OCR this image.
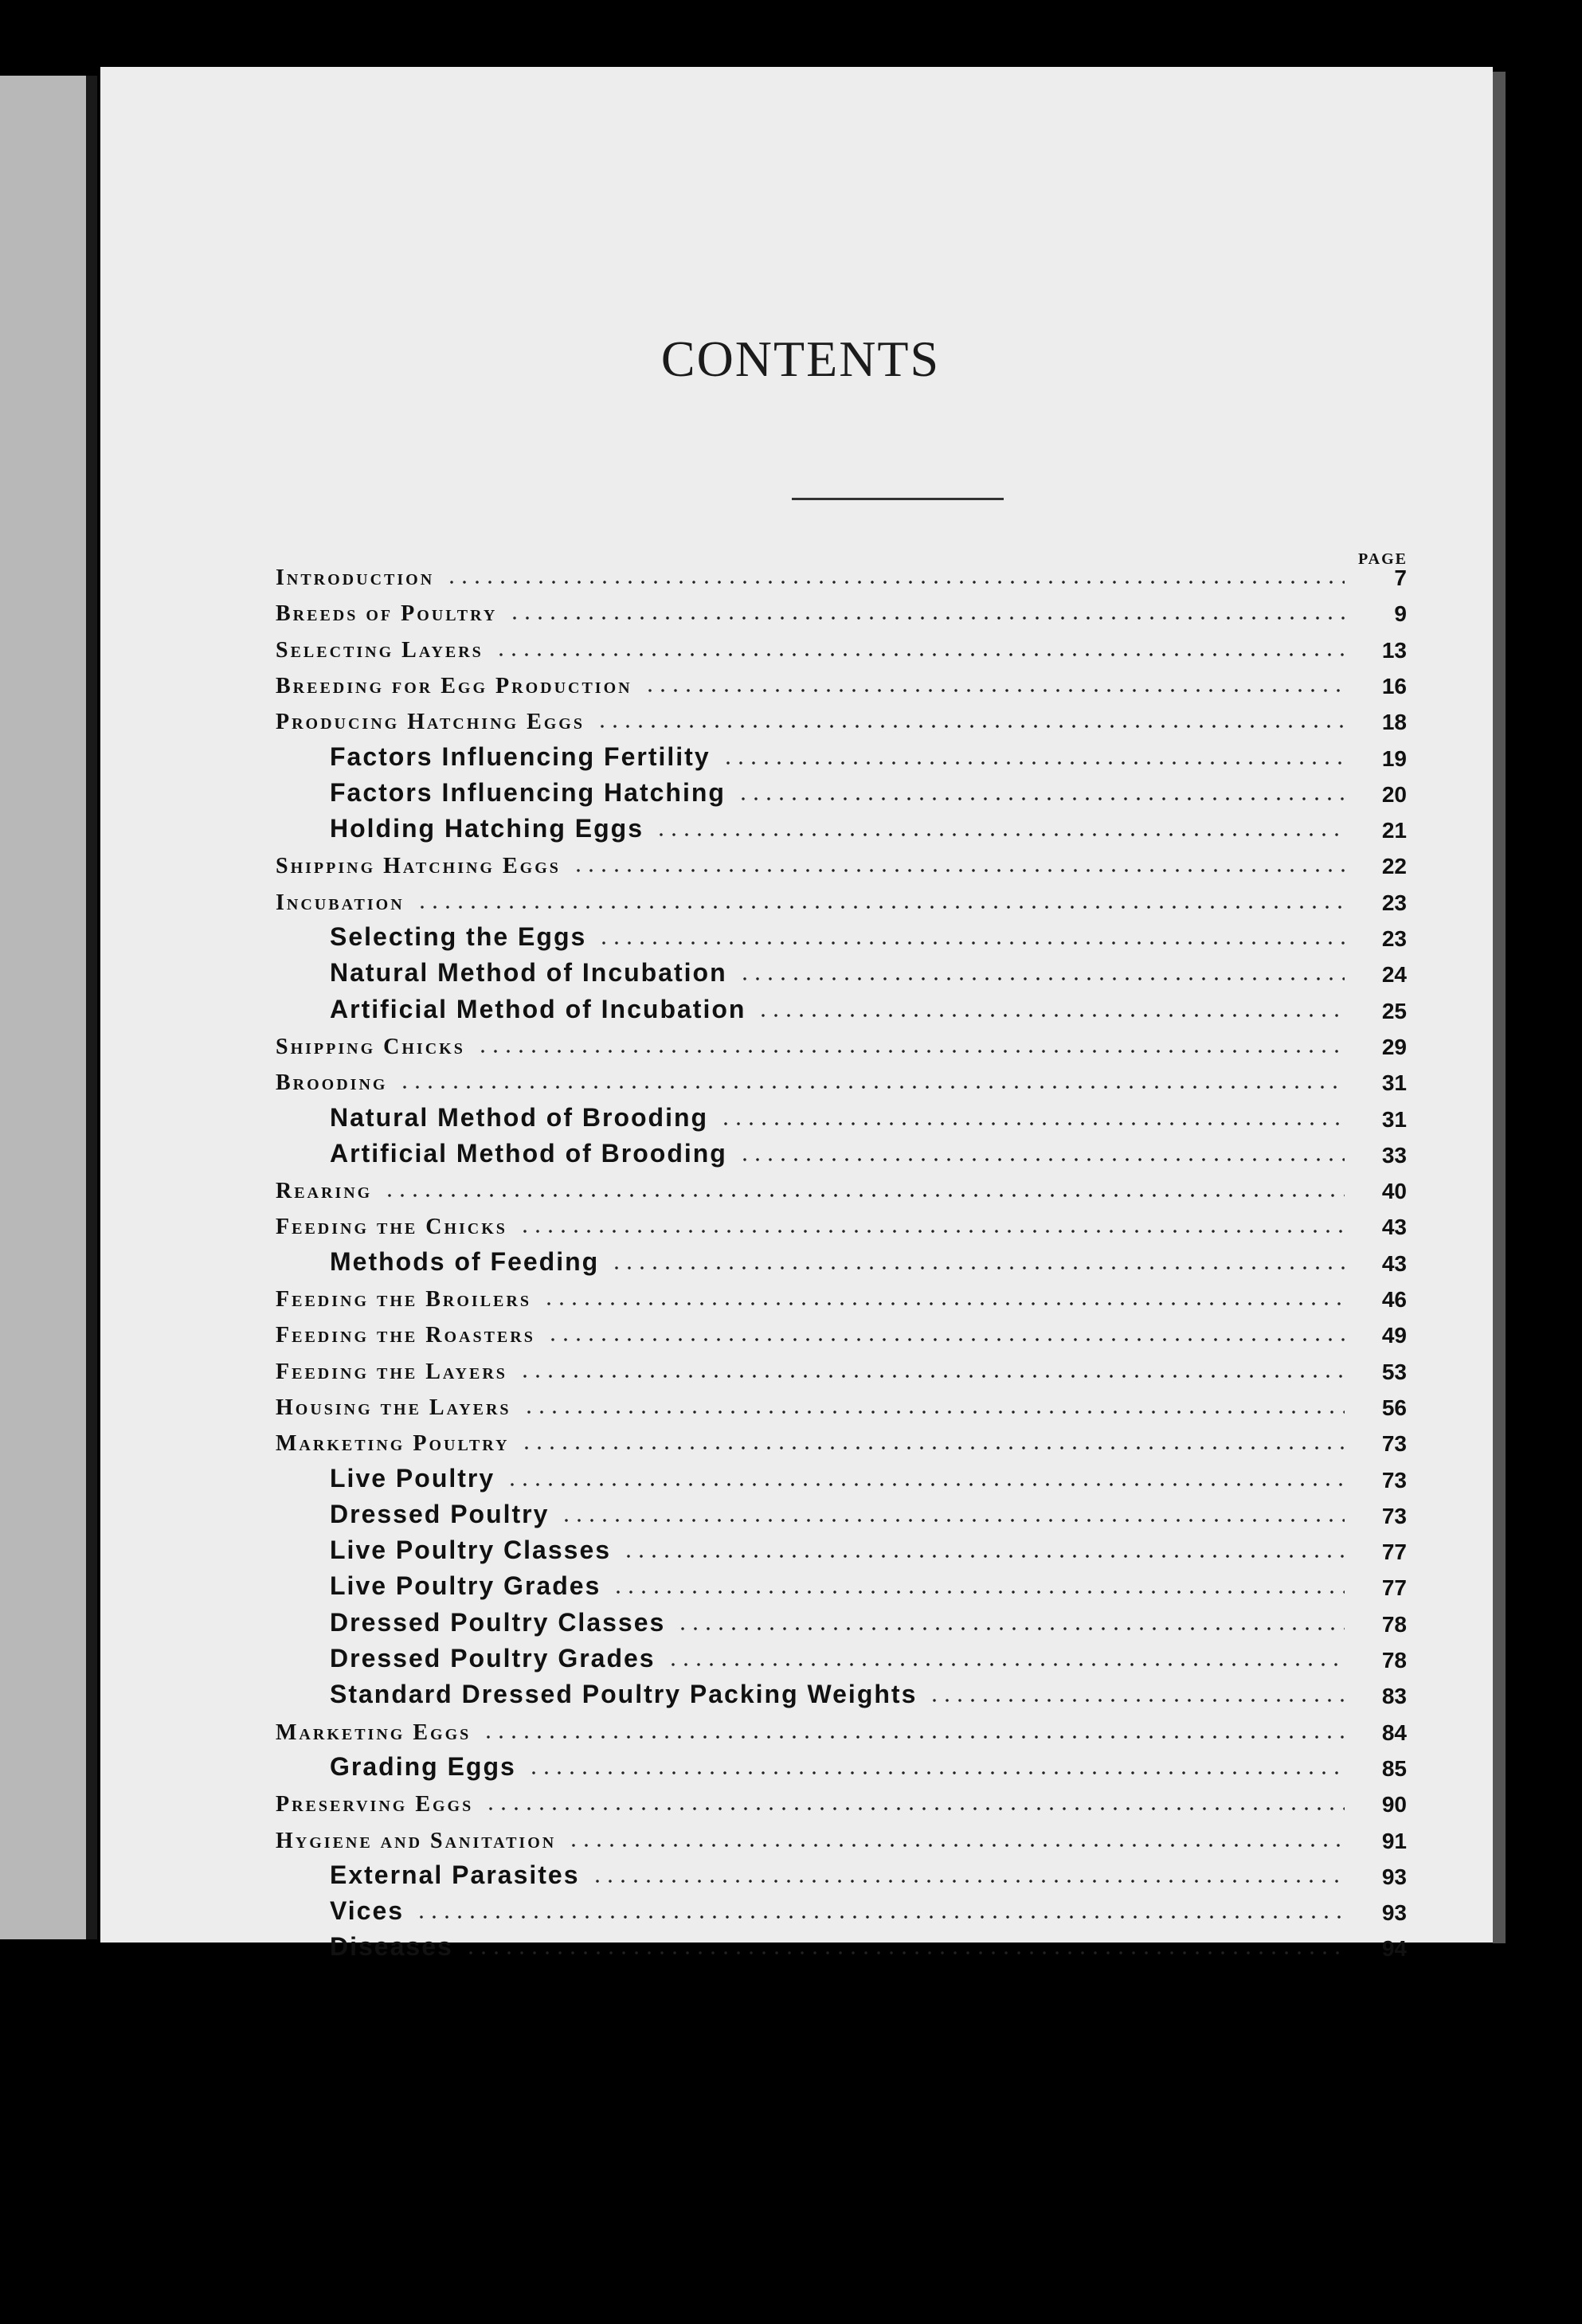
CONTENTS
PAGE
Introduction	7
Breeds of Poultry	9
Selecting Layers	13
Breeding for Egg Production	16
Producing Hatching Eggs	18
Factors Influencing Fertility	19
Factors Influencing Hatching	20
Holding Hatching Eggs	21
Shipping Hatching Eggs	22
Incubation	23
Selecting the Eggs	23
Natural Method of Incubation	24
Artificial Method of Incubation	25
Shipping Chicks	29
Brooding	31
Natural Method of Brooding	31
Artificial Method of Brooding	33
Rearing	40
Feeding the Chicks	43
Methods of Feeding	43
Feeding the Broilers	46
Feeding the Roasters	49
Feeding the Layers	53
Housing the Layers	56
Marketing Poultry	73
Live Poultry	73
Dressed Poultry	73
Live Poultry Classes	77
Live Poultry Grades	77
Dressed Poultry Classes	78
Dressed Poultry Grades	78
Standard Dressed Poultry Packing Weights	83
Marketing Eggs	84
Grading Eggs	85
Preserving Eggs	90
Hygiene and Sanitation	91
External Parasites	93
Vices	93
Diseases	94
